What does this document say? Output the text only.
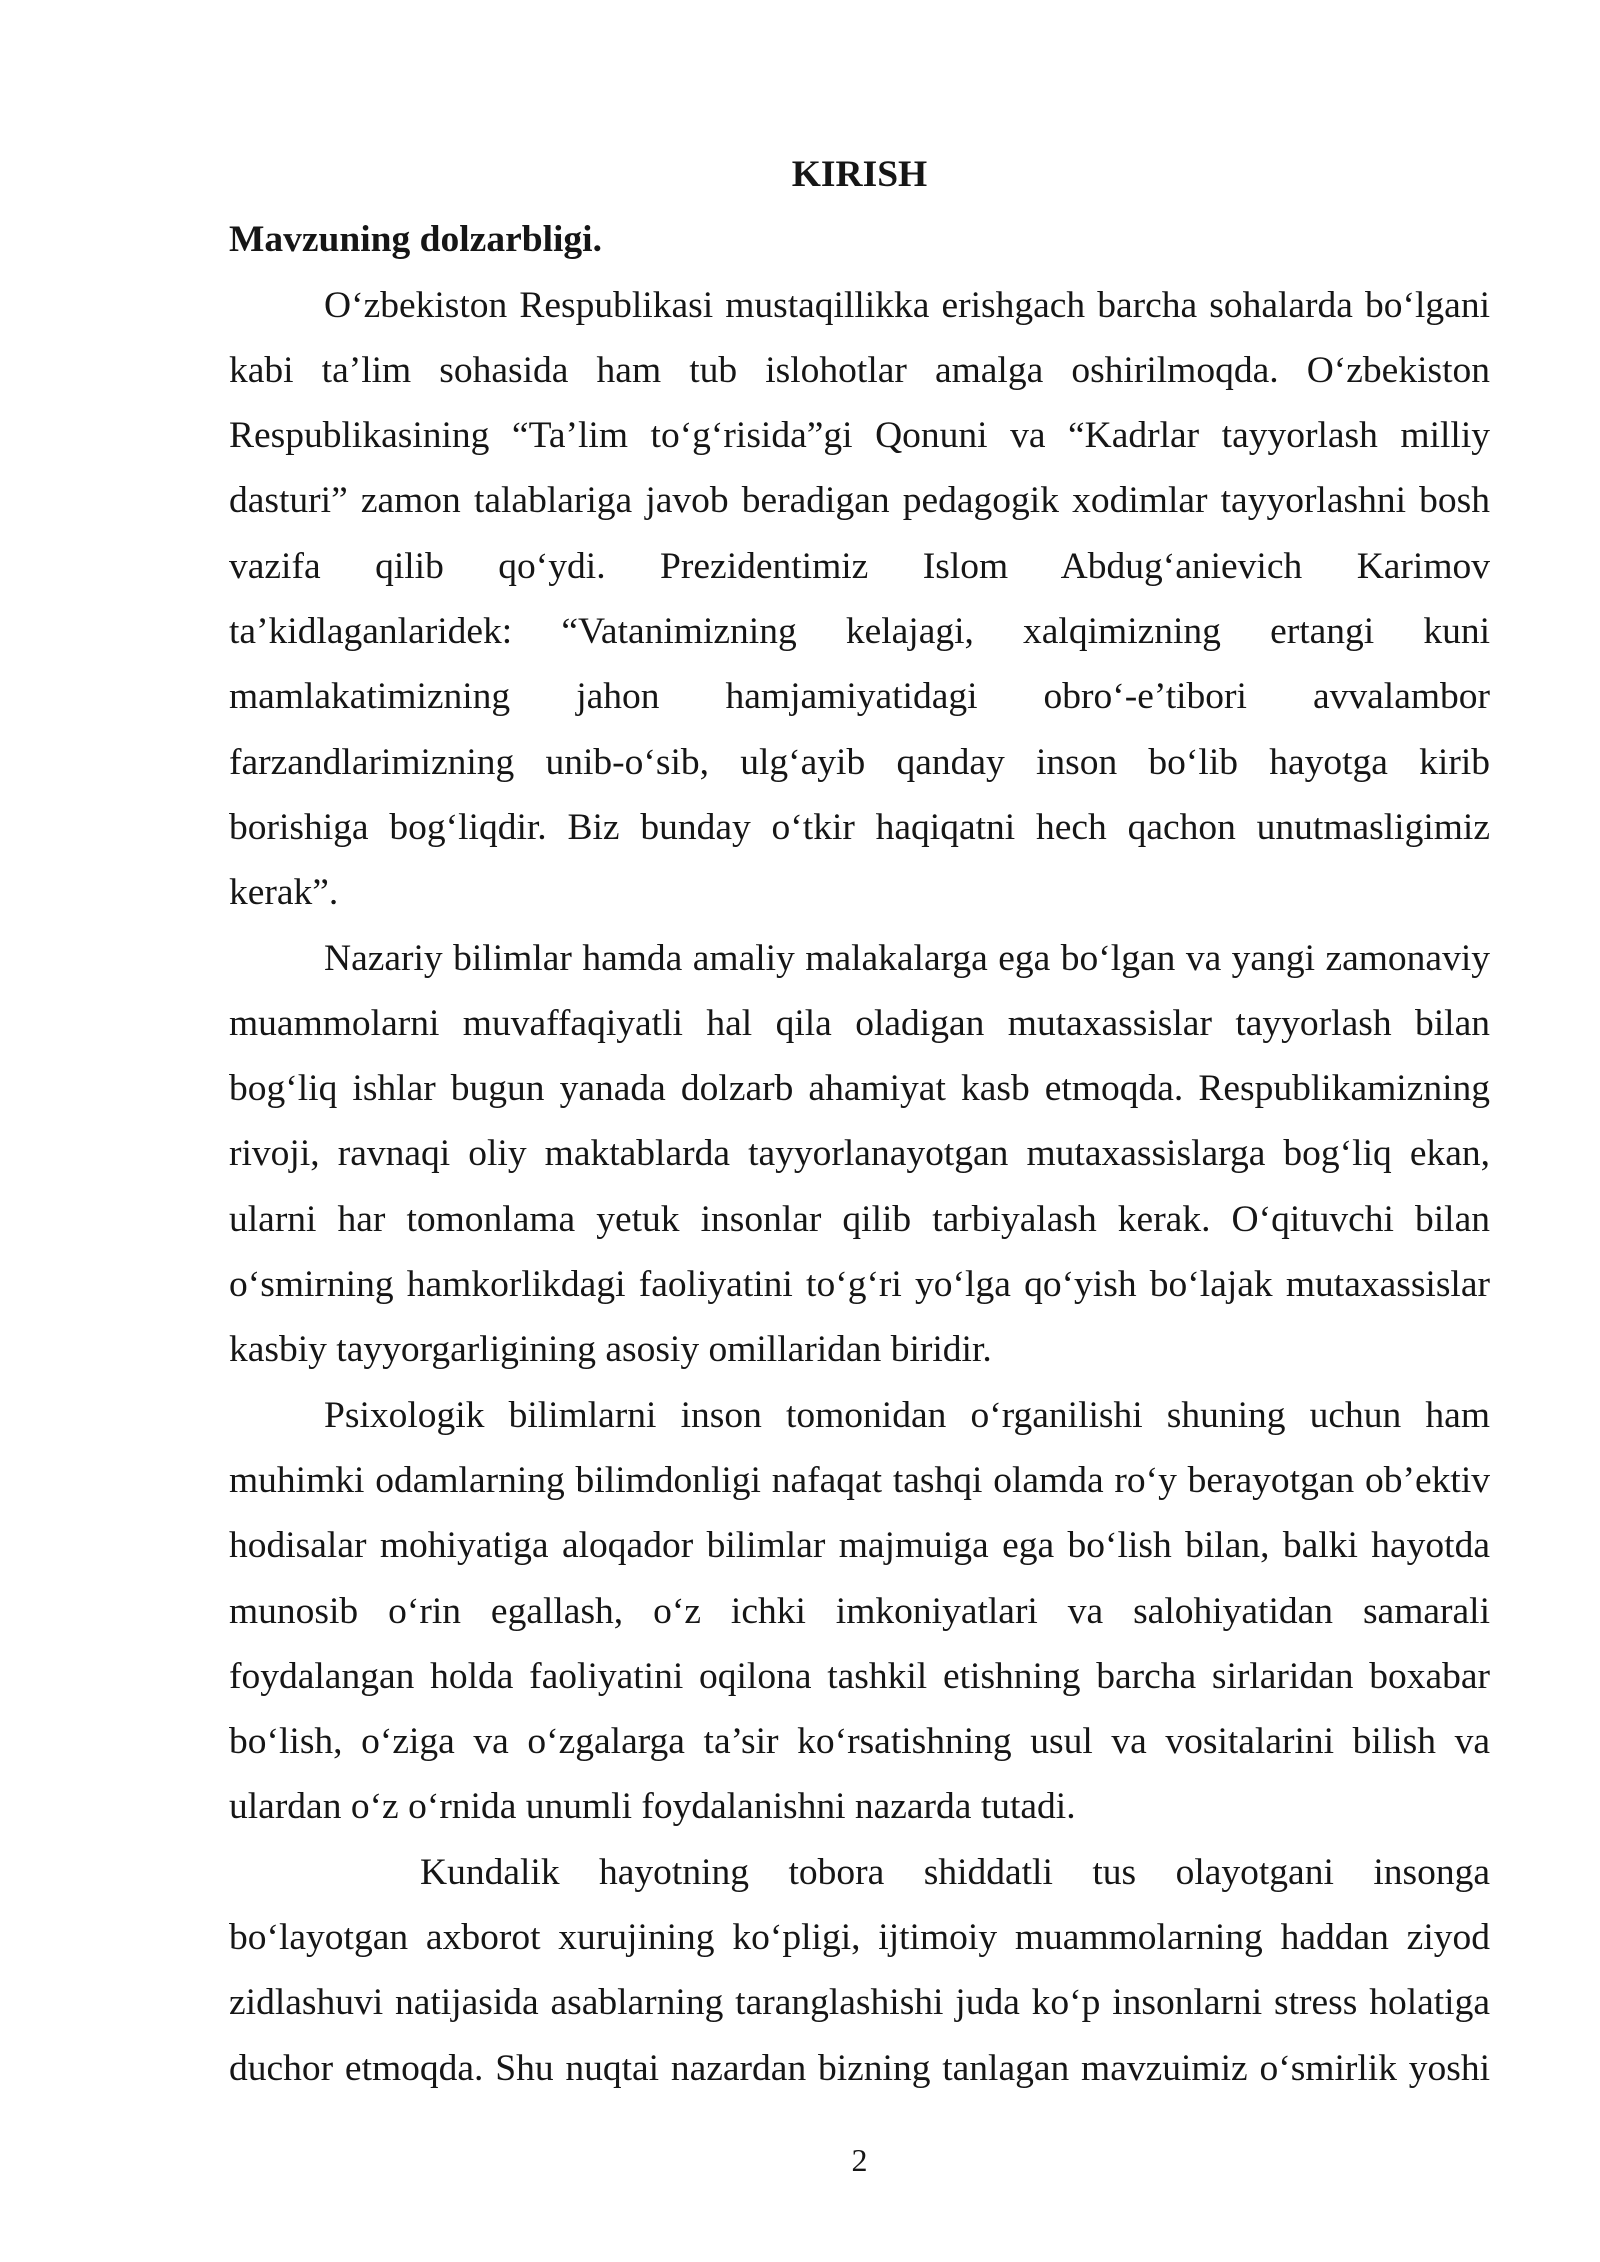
KIRISH
Mavzuning dolzarbligi.
O‘zbekiston Respublikasi mustaqillikka erishgach barcha sohalarda bo‘lgani
kabi ta’lim sohasida ham tub islohotlar amalga oshirilmoqda. O‘zbekiston
Respublikasining “Ta’lim to‘g‘risida”gi Qonuni va “Kadrlar tayyorlash milliy
dasturi” zamon talablariga javob beradigan pedagogik xodimlar tayyorlashni bosh
vazifa qilib qo‘ydi. Prezidentimiz Islom Abdug‘anievich Karimov
ta’kidlaganlaridek: “Vatanimizning kelajagi, xalqimizning ertangi kuni
mamlakatimizning jahon hamjamiyatidagi obro‘-e’tibori avvalambor
farzandlarimizning unib-o‘sib, ulg‘ayib qanday inson bo‘lib hayotga kirib
borishiga bog‘liqdir. Biz bunday o‘tkir haqiqatni hech qachon unutmasligimiz
kerak”.
Nazariy bilimlar hamda amaliy malakalarga ega bo‘lgan va yangi zamonaviy
muammolarni muvaffaqiyatli hal qila oladigan mutaxassislar tayyorlash bilan
bog‘liq ishlar bugun yanada dolzarb ahamiyat kasb etmoqda. Respublikamizning
rivoji, ravnaqi oliy maktablarda tayyorlanayotgan mutaxassislarga bog‘liq ekan,
ularni har tomonlama yetuk insonlar qilib tarbiyalash kerak. O‘qituvchi bilan
o‘smirning hamkorlikdagi faoliyatini to‘g‘ri yo‘lga qo‘yish bo‘lajak mutaxassislar
kasbiy tayyorgarligining asosiy omillaridan biridir.
Psixologik bilimlarni inson tomonidan o‘rganilishi shuning uchun ham
muhimki odamlarning bilimdonligi nafaqat tashqi olamda ro‘y berayotgan ob’ektiv
hodisalar mohiyatiga aloqador bilimlar majmuiga ega bo‘lish bilan, balki hayotda
munosib o‘rin egallash, o‘z ichki imkoniyatlari va salohiyatidan samarali
foydalangan holda faoliyatini oqilona tashkil etishning barcha sirlaridan boxabar
bo‘lish, o‘ziga va o‘zgalarga ta’sir ko‘rsatishning usul va vositalarini bilish va
ulardan o‘z o‘rnida unumli foydalanishni nazarda tutadi.
Kundalik hayotning tobora shiddatli tus olayotgani insonga
bo‘layotgan axborot xurujining ko‘pligi, ijtimoiy muammolarning haddan ziyod
zidlashuvi natijasida asablarning taranglashishi juda ko‘p insonlarni stress holatiga
duchor etmoqda. Shu nuqtai nazardan bizning tanlagan mavzuimiz o‘smirlik yoshi
2
